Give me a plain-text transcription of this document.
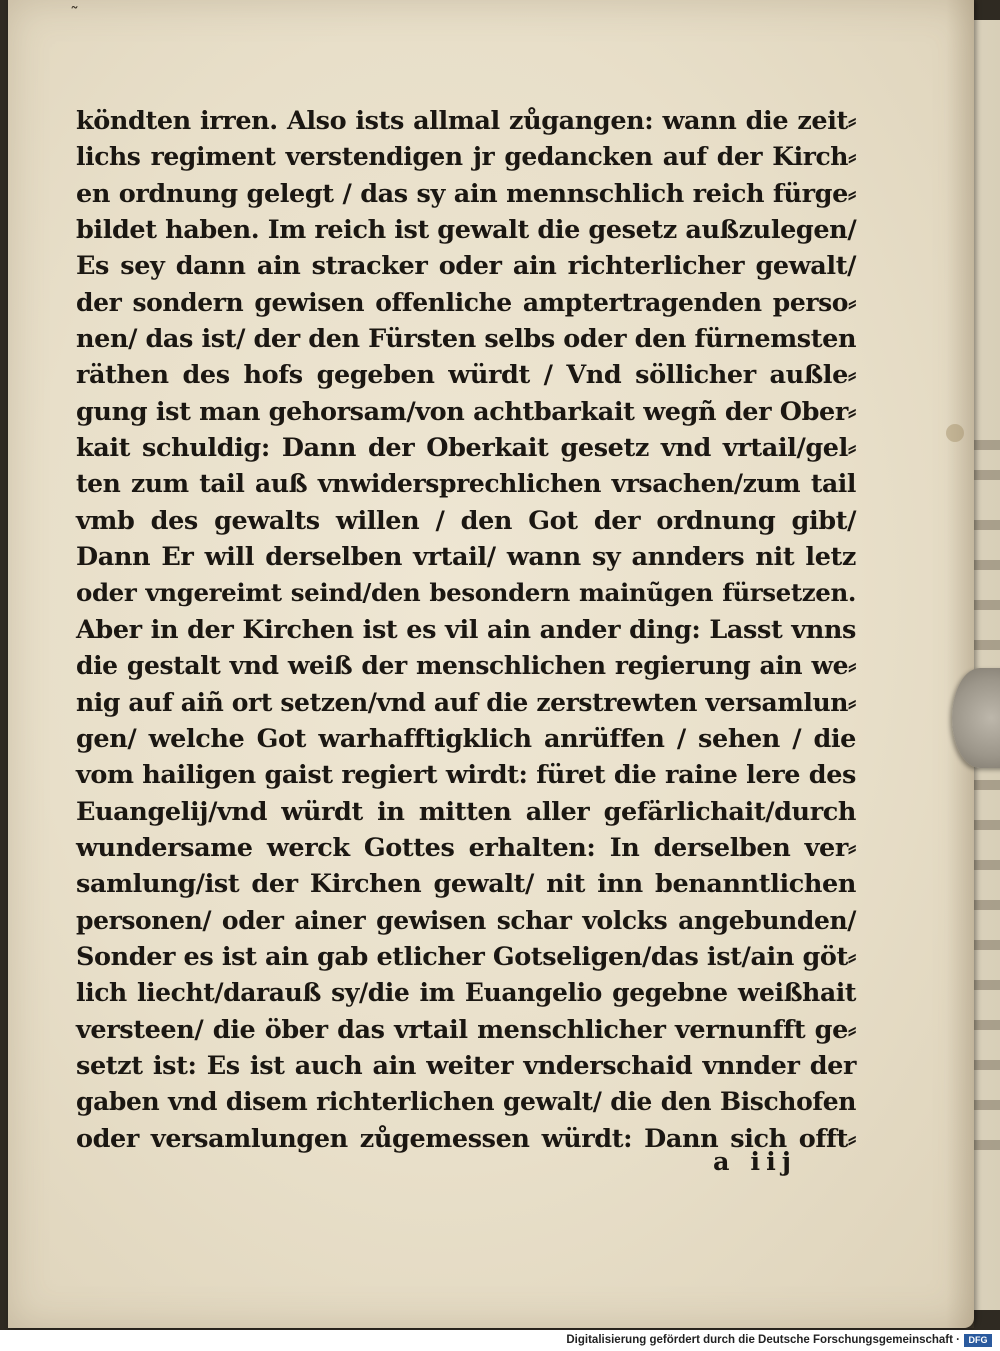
˜
köndten irren. Also ists allmal zůgangen: wann die zeit⸗
lichs regiment verstendigen jr gedancken auf der Kirch⸗
en ordnung gelegt / das sy ain mennschlich reich fürge⸗
bildet haben. Im reich ist gewalt die gesetz außzulegen/
Es sey dann ain stracker oder ain richterlicher gewalt/
der sondern gewisen offenliche amptertragenden perso⸗
nen/ das ist/ der den Fürsten selbs oder den fürnemsten
räthen des hofs gegeben würdt / Vnd söllicher außle⸗
gung ist man gehorsam/von achtbarkait wegñ der Ober⸗
kait schuldig: Dann der Oberkait gesetz vnd vrtail/gel⸗
ten zum tail auß vnwidersprechlichen vrsachen/zum tail
vmb des gewalts willen / den Got der ordnung gibt/
Dann Er will derselben vrtail/ wann sy annders nit letz
oder vngereimt seind/den besondern mainũgen fürsetzen.
Aber in der Kirchen ist es vil ain ander ding: Lasst vnns
die gestalt vnd weiß der menschlichen regierung ain we⸗
nig auf aiñ ort setzen/vnd auf die zerstrewten versamlun⸗
gen/ welche Got warhafftigklich anrüffen / sehen / die
vom hailigen gaist regiert wirdt: füret die raine lere des
Euangelij/vnd würdt in mitten aller gefärlichait/durch
wundersame werck Gottes erhalten: In derselben ver⸗
samlung/ist der Kirchen gewalt/ nit inn benanntlichen
personen/ oder ainer gewisen schar volcks angebunden/
Sonder es ist ain gab etlicher Gotseligen/das ist/ain göt⸗
lich liecht/darauß sy/die im Euangelio gegebne weißhait
versteen/ die öber das vrtail menschlicher vernunfft ge⸗
setzt ist: Es ist auch ain weiter vnderschaid vnnder der
gaben vnd disem richterlichen gewalt/ die den Bischofen
oder versamlungen zůgemessen würdt: Dann sich offt⸗
a iij
Digitalisierung gefördert durch die Deutsche Forschungsgemeinschaft · DFG
